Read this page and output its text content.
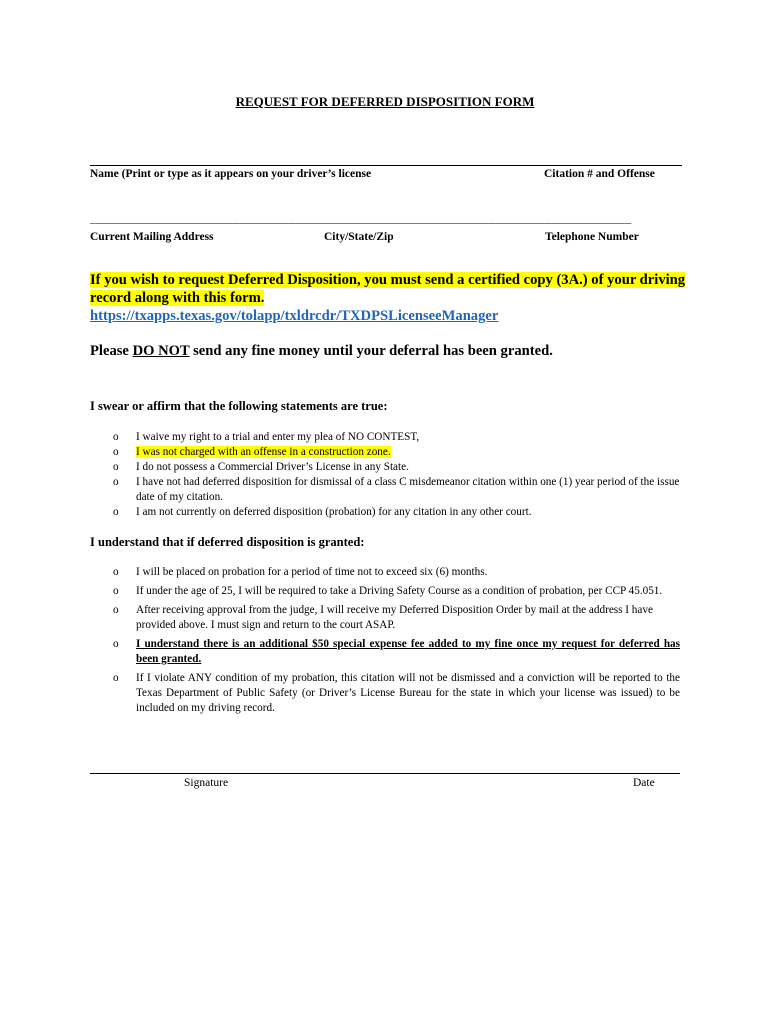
REQUEST FOR DEFERRED DISPOSITION FORM
Name (Print or type as it appears on your driver’s license	Citation # and Offense
_______________________________________________________________________________________________
Current Mailing Address	City/State/Zip	Telephone Number
If you wish to request Deferred Disposition, you must send a certified copy (3A.) of your driving record along with this form.
https://txapps.texas.gov/tolapp/txldrcdr/TXDPSLicenseeManager
Please DO NOT send any fine money until your deferral has been granted.
I swear or affirm that the following statements are true:
o I waive my right to a trial and enter my plea of NO CONTEST,
o I was not charged with an offense in a construction zone.
o I do not possess a Commercial Driver’s License in any State.
o I have not had deferred disposition for dismissal of a class C misdemeanor citation within one (1) year period of the issue date of my citation.
o I am not currently on deferred disposition (probation) for any citation in any other court.
I understand that if deferred disposition is granted:
o I will be placed on probation for a period of time not to exceed six (6) months.
o If under the age of 25, I will be required to take a Driving Safety Course as a condition of probation, per CCP 45.051.
o After receiving approval from the judge, I will receive my Deferred Disposition Order by mail at the address I have provided above. I must sign and return to the court ASAP.
o I understand there is an additional $50 special expense fee added to my fine once my request for deferred has been granted.
o If I violate ANY condition of my probation, this citation will not be dismissed and a conviction will be reported to the Texas Department of Public Safety (or Driver’s License Bureau for the state in which your license was issued) to be included on my driving record.
Signature	Date
